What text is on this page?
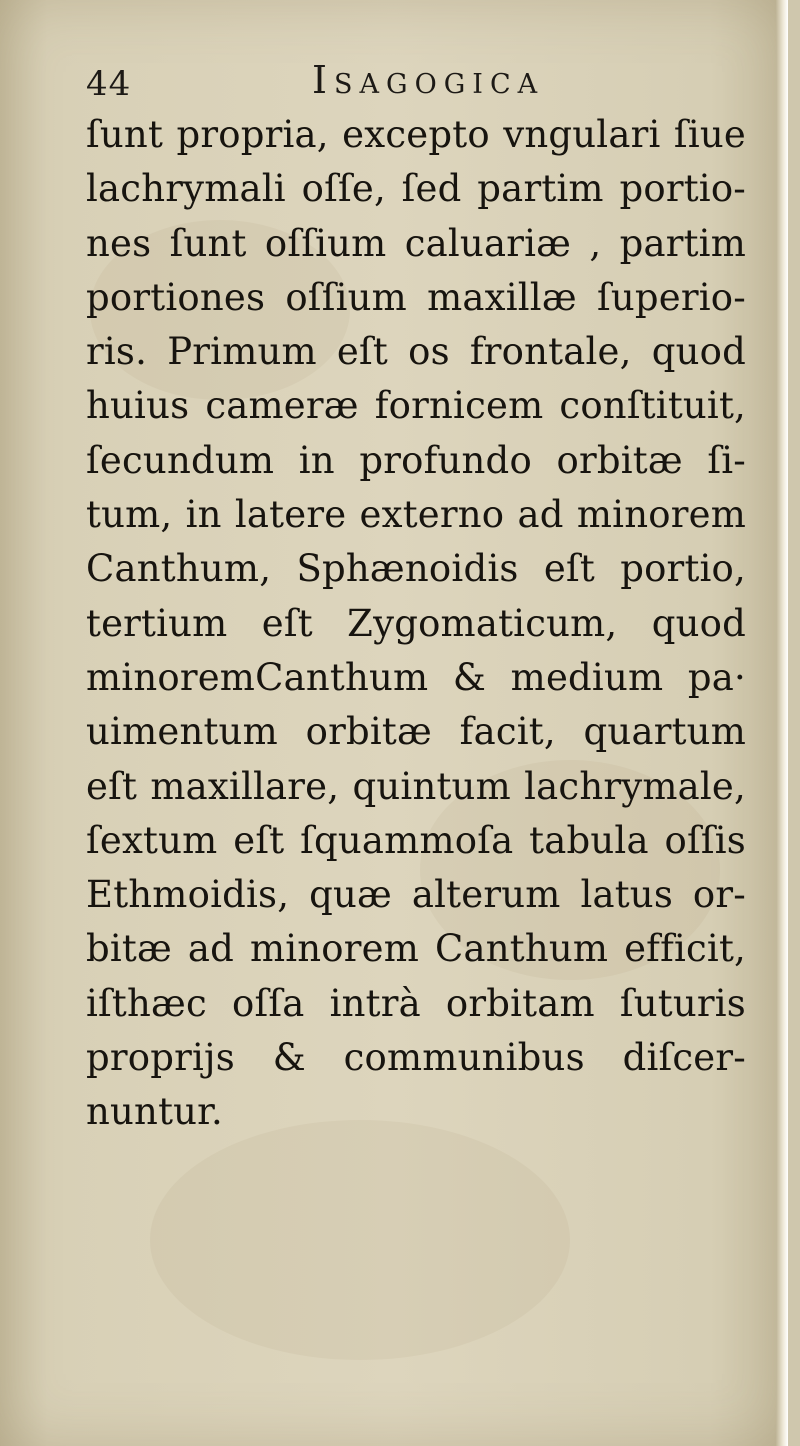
44	Isagogica
ſunt propria, excepto vngulari ſiue
lachrymali oſſe, ſed partim portio-
nes ſunt oſſium caluariæ , partim
portiones oſſium maxillæ ſuperio-
ris. Primum eſt os frontale, quod
huius cameræ fornicem conſtituit,
ſecundum in profundo orbitæ ſi-
tum, in latere externo ad minorem
Canthum, Sphænoidis eſt portio,
tertium eſt Zygomaticum, quod
minoremCanthum & medium pa·
uimentum orbitæ facit, quartum
eſt maxillare, quintum lachrymale,
ſextum eſt ſquammoſa tabula oſſis
Ethmoidis, quæ alterum latus or-
bitæ ad minorem Canthum efficit,
iſthæc oſſa intrà orbitam ſuturis
proprijs & communibus diſcer-
nuntur.
